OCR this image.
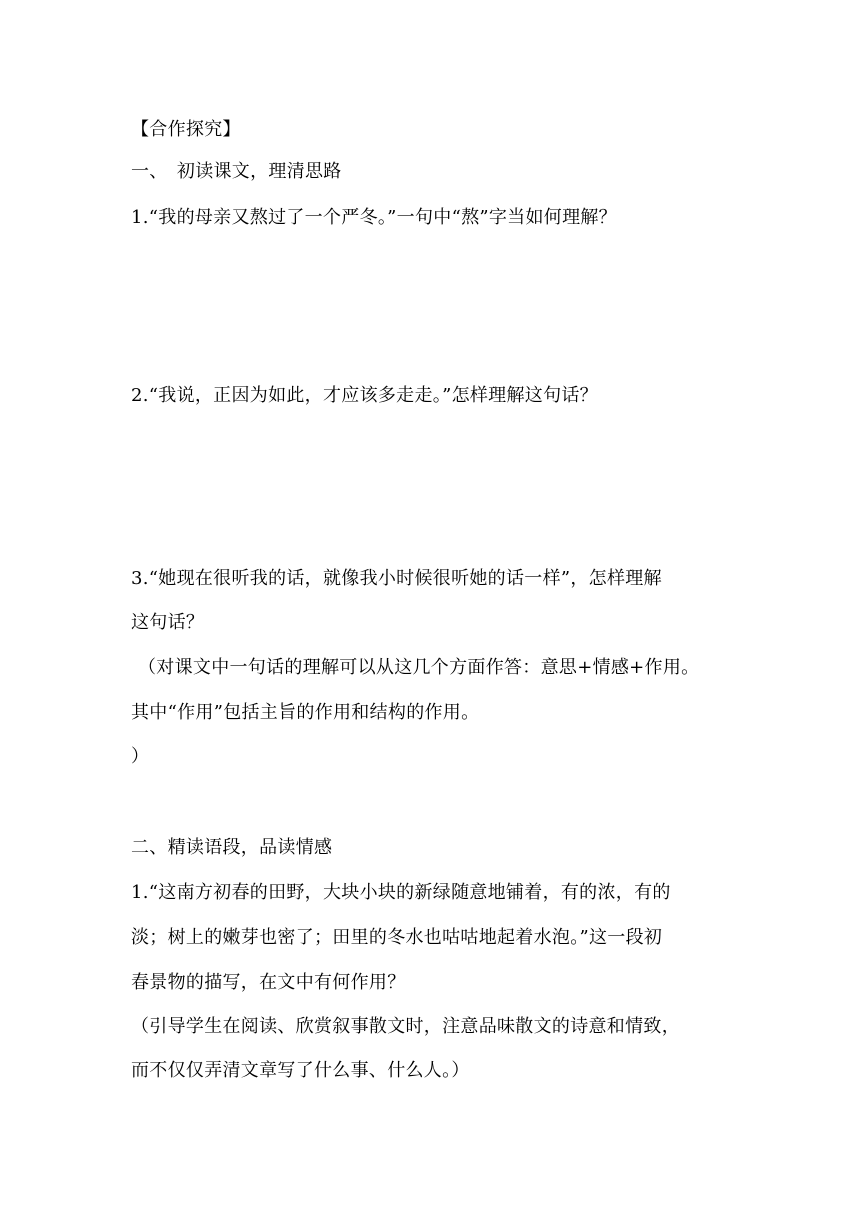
【合作探究】
一、　初读课文，理清思路
1.“我的母亲又熬过了一个严冬。”一句中“熬”字当如何理解？
2.“我说，正因为如此，才应该多走走。”怎样理解这句话？
3.“她现在很听我的话，就像我小时候很听她的话一样”，怎样理解
这句话？
（对课文中一句话的理解可以从这几个方面作答：意思+情感+作用。
其中“作用”包括主旨的作用和结构的作用。
）
二、精读语段，品读情感
1.“这南方初春的田野，大块小块的新绿随意地铺着，有的浓，有的
淡；树上的嫩芽也密了；田里的冬水也咕咕地起着水泡。”这一段初
春景物的描写，在文中有何作用？
（引导学生在阅读、欣赏叙事散文时，注意品味散文的诗意和情致，
而不仅仅弄清文章写了什么事、什么人。）
